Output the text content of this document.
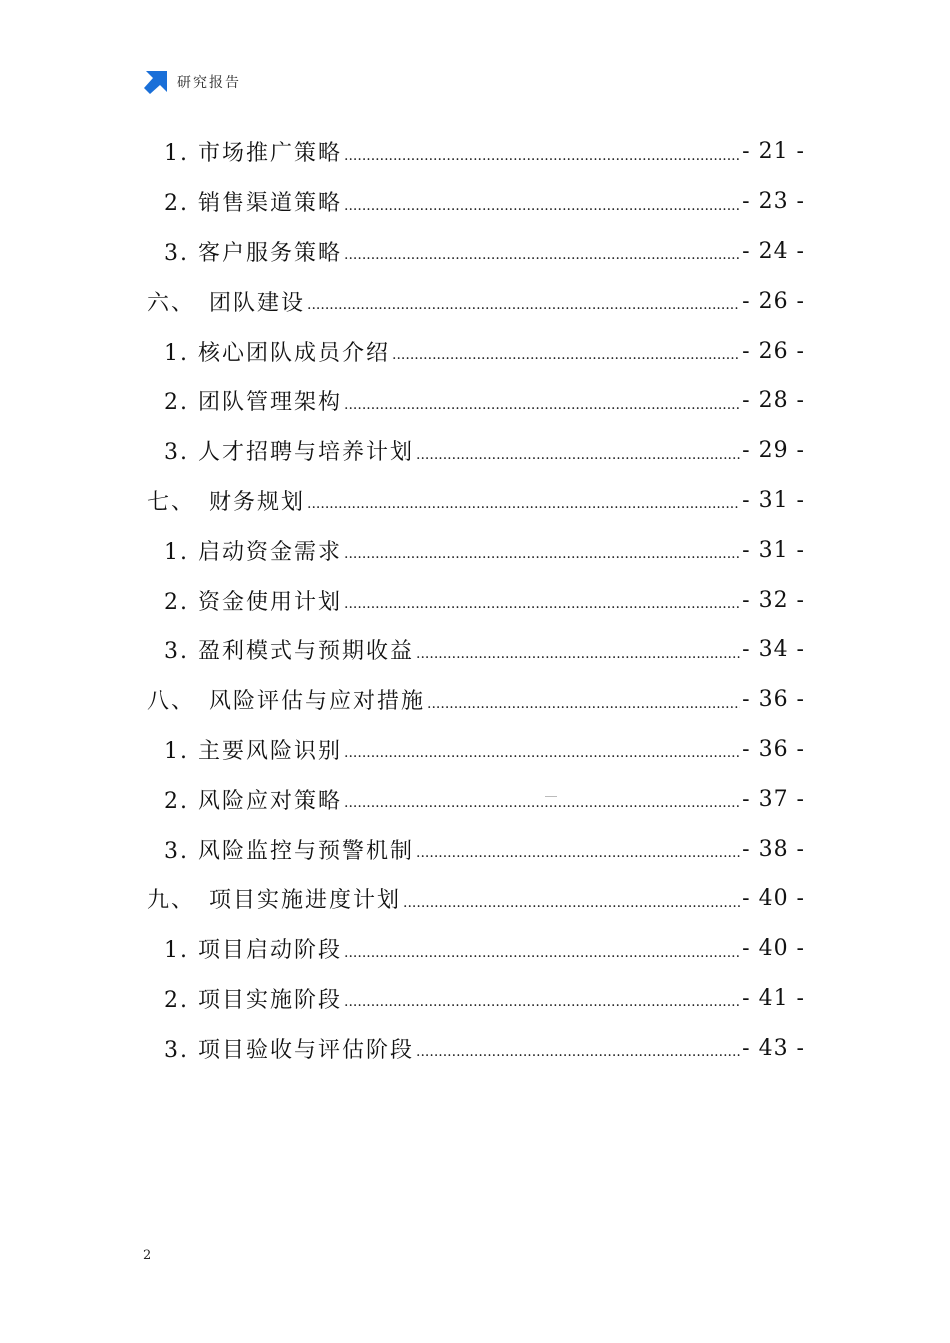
研究报告
1. 市场推广策略 .....	- 21 -
2. 销售渠道策略 .....	- 23 -
3. 客户服务策略 .....	- 24 -
六、 团队建设 .....	- 26 -
1. 核心团队成员介绍 .....	- 26 -
2. 团队管理架构 .....	- 28 -
3. 人才招聘与培养计划 .....	- 29 -
七、 财务规划 .....	- 31 -
1. 启动资金需求 .....	- 31 -
2. 资金使用计划 .....	- 32 -
3. 盈利模式与预期收益 .....	- 34 -
八、 风险评估与应对措施 .....	- 36 -
1. 主要风险识别 .....	- 36 -
2. 风险应对策略 .....	- 37 -
3. 风险监控与预警机制 .....	- 38 -
九、 项目实施进度计划 .....	- 40 -
1. 项目启动阶段 .....	- 40 -
2. 项目实施阶段 .....	- 41 -
3. 项目验收与评估阶段 .....	- 43 -
2
